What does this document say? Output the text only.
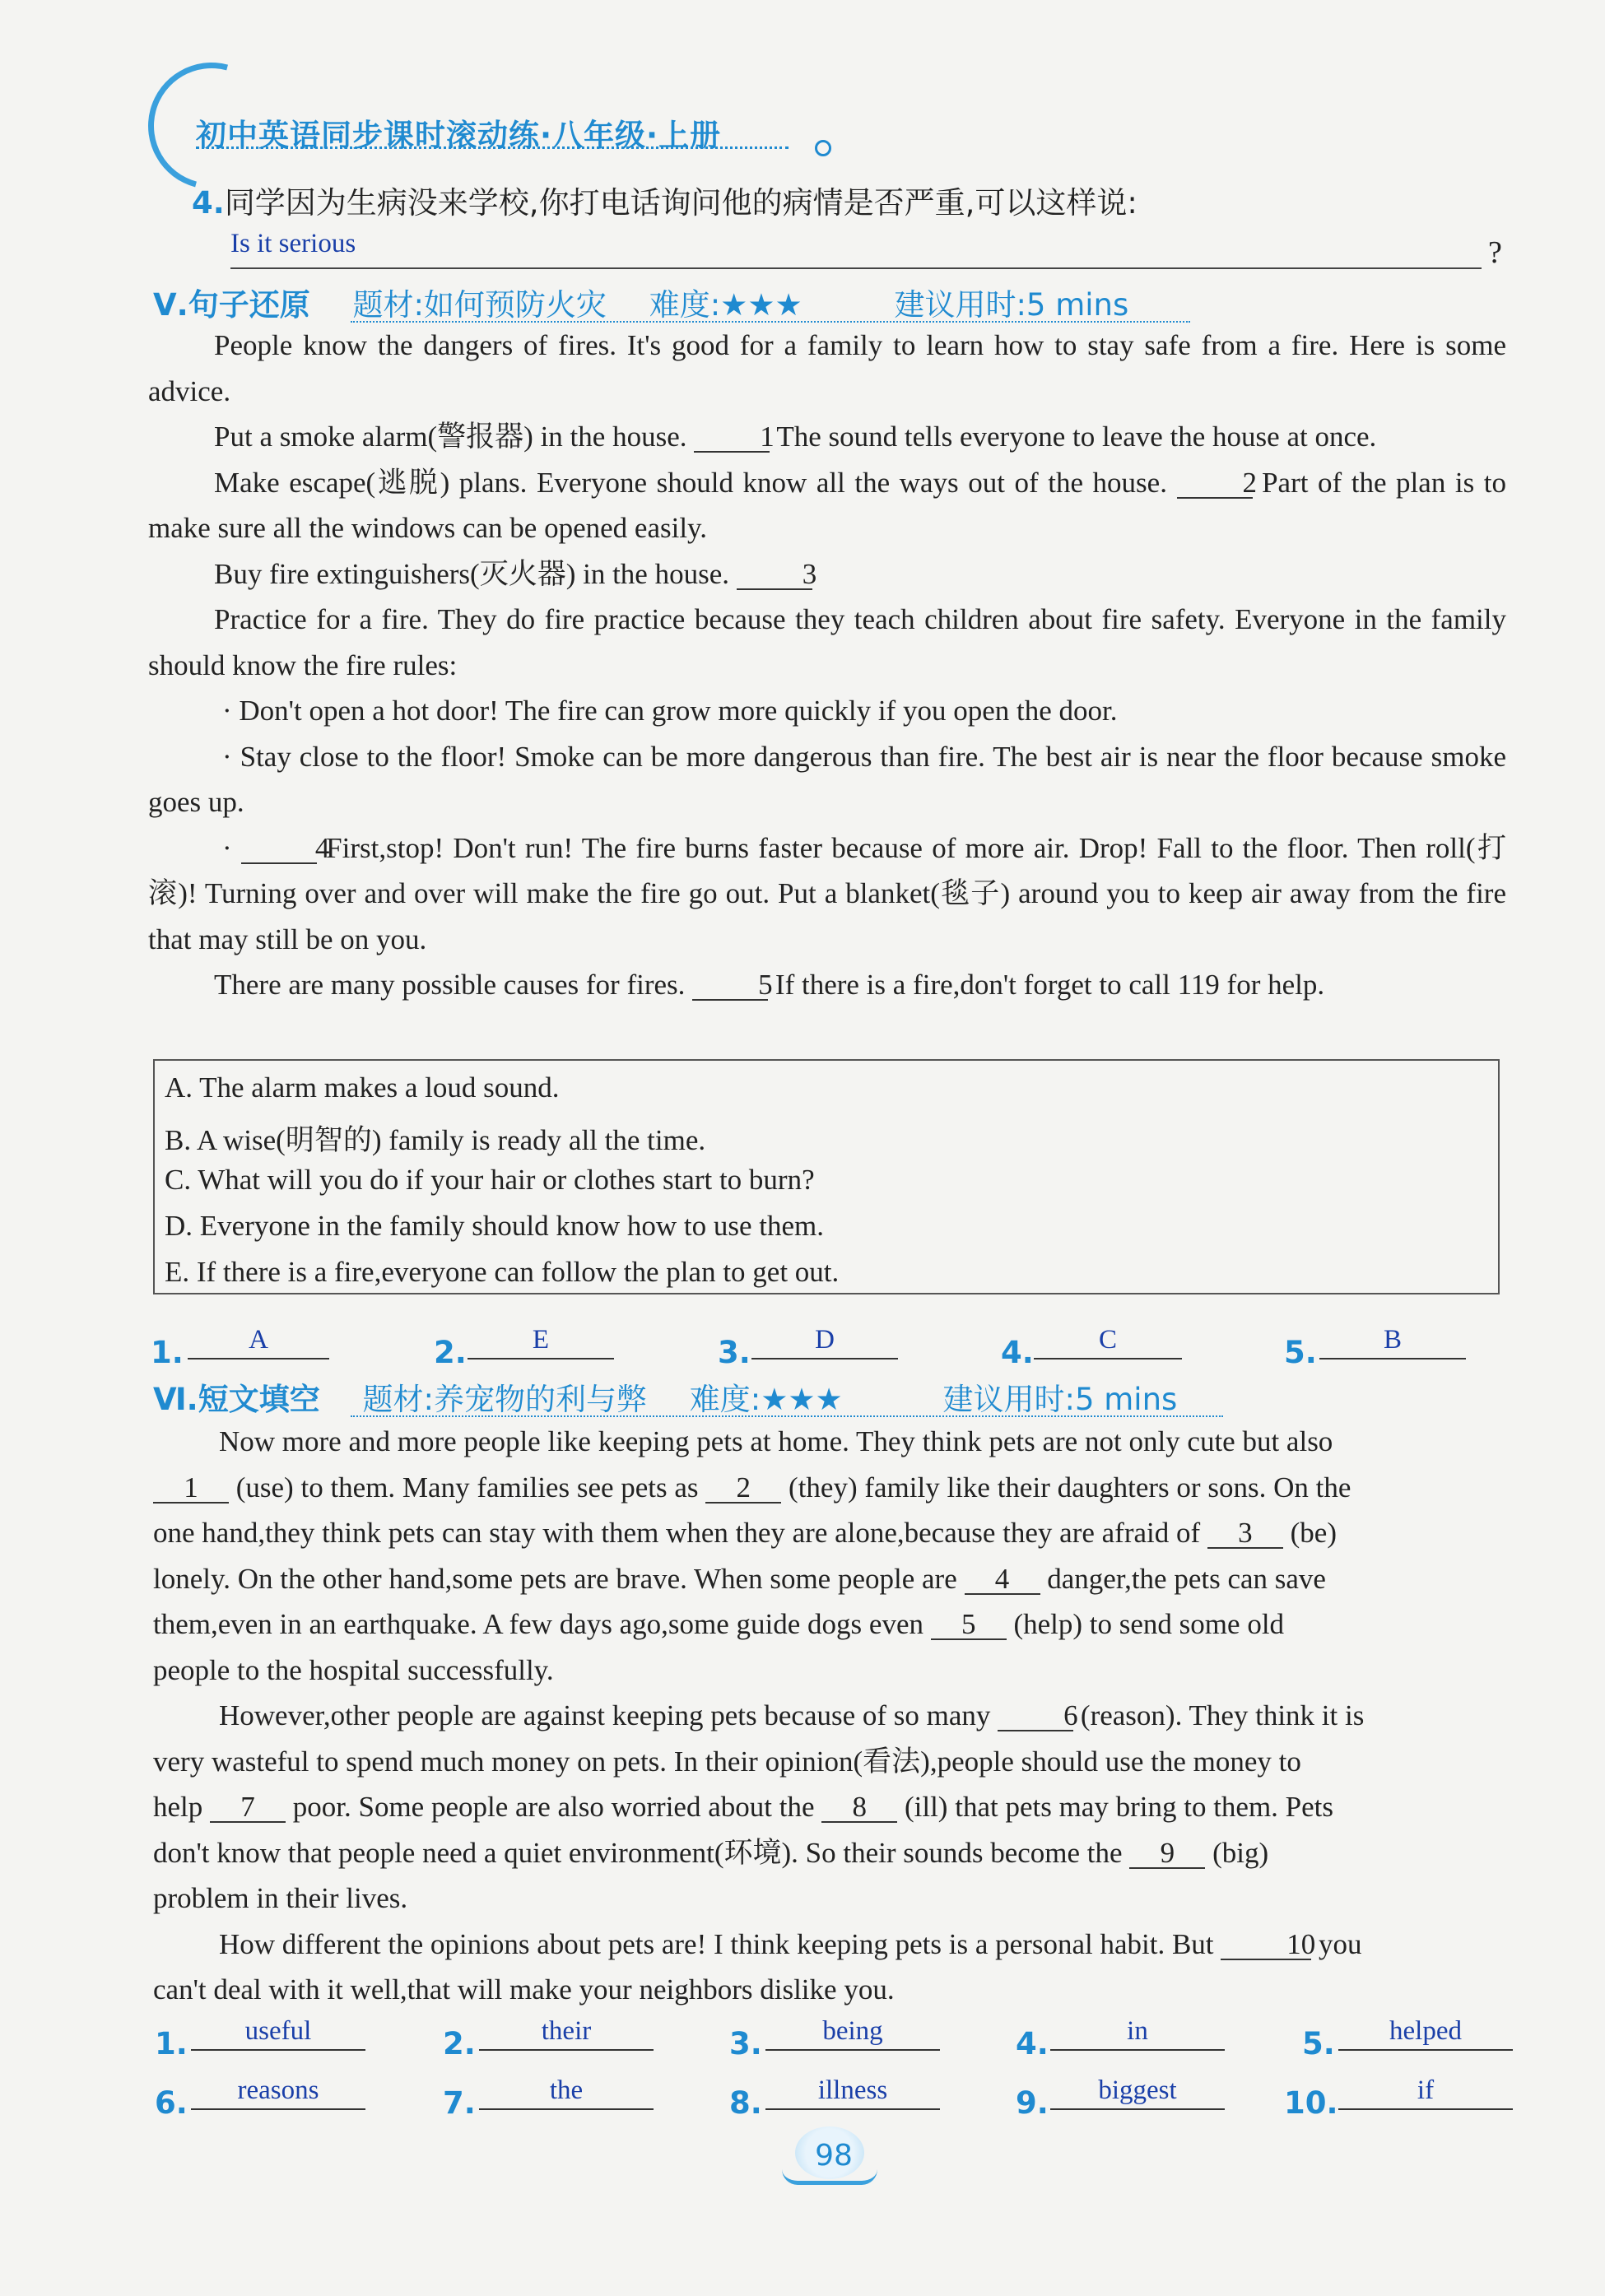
初中英语同步课时滚动练·八年级·上册
4.同学因为生病没来学校,你打电话询问他的病情是否严重,可以这样说:
Is it serious	?
Ⅴ.句子还原 题材:如何预防火灾 难度:★★★	建议用时:5 mins
People know the dangers of fires. It's good for a family to learn how to stay safe from a fire. Here is some advice.
Put a smoke alarm(警报器) in the house.	1 The sound tells everyone to leave the house at once.
Make escape(逃脱) plans. Everyone should know all the ways out of the house.	2 Part of the plan is to make sure all the windows can be opened easily.
Buy fire extinguishers(灭火器) in the house.	3
Practice for a fire. They do fire practice because they teach children about fire safety. Everyone in the family should know the fire rules:
· Don't open a hot door! The fire can grow more quickly if you open the door.
· Stay close to the floor! Smoke can be more dangerous than fire. The best air is near the floor because smoke goes up.
·	4 First,stop! Don't run! The fire burns faster because of more air. Drop! Fall to the floor. Then roll(打滚)! Turning over and over will make the fire go out. Put a blanket(毯子) around you to keep air away from the fire that may still be on you.
There are many possible causes for fires.	5 If there is a fire,don't forget to call 119 for help.
A. The alarm makes a loud sound.
B. A wise(明智的) family is ready all the time.
C. What will you do if your hair or clothes start to burn?
D. Everyone in the family should know how to use them.
E. If there is a fire,everyone can follow the plan to get out.
1.	A	2.	E	3.	D	4.	C	5.	B
Ⅵ.短文填空 题材:养宠物的利与弊 难度:★★★	建议用时:5 mins
Now more and more people like keeping pets at home. They think pets are not only cute but also
1 (use) to them. Many families see pets as 2 (they) family like their daughters or sons. On the
one hand,they think pets can stay with them when they are alone,because they are afraid of 3 (be)
lonely. On the other hand,some pets are brave. When some people are 4 danger,the pets can save
them,even in an earthquake. A few days ago,some guide dogs even 5 (help) to send some old
people to the hospital successfully.
However,other people are against keeping pets because of so many	6 (reason). They think it is
very wasteful to spend much money on pets. In their opinion(看法),people should use the money to
help 7 poor. Some people are also worried about the 8 (ill) that pets may bring to them. Pets
don't know that people need a quiet environment(环境). So their sounds become the 9 (big)
problem in their lives.
How different the opinions about pets are! I think keeping pets is a personal habit. But	10 you
can't deal with it well,that will make your neighbors dislike you.
1.	useful	2.	their	3.	being	4.	in	5.	helped
6.	reasons	7.	the	8.	illness	9.	biggest	10.	if
98
